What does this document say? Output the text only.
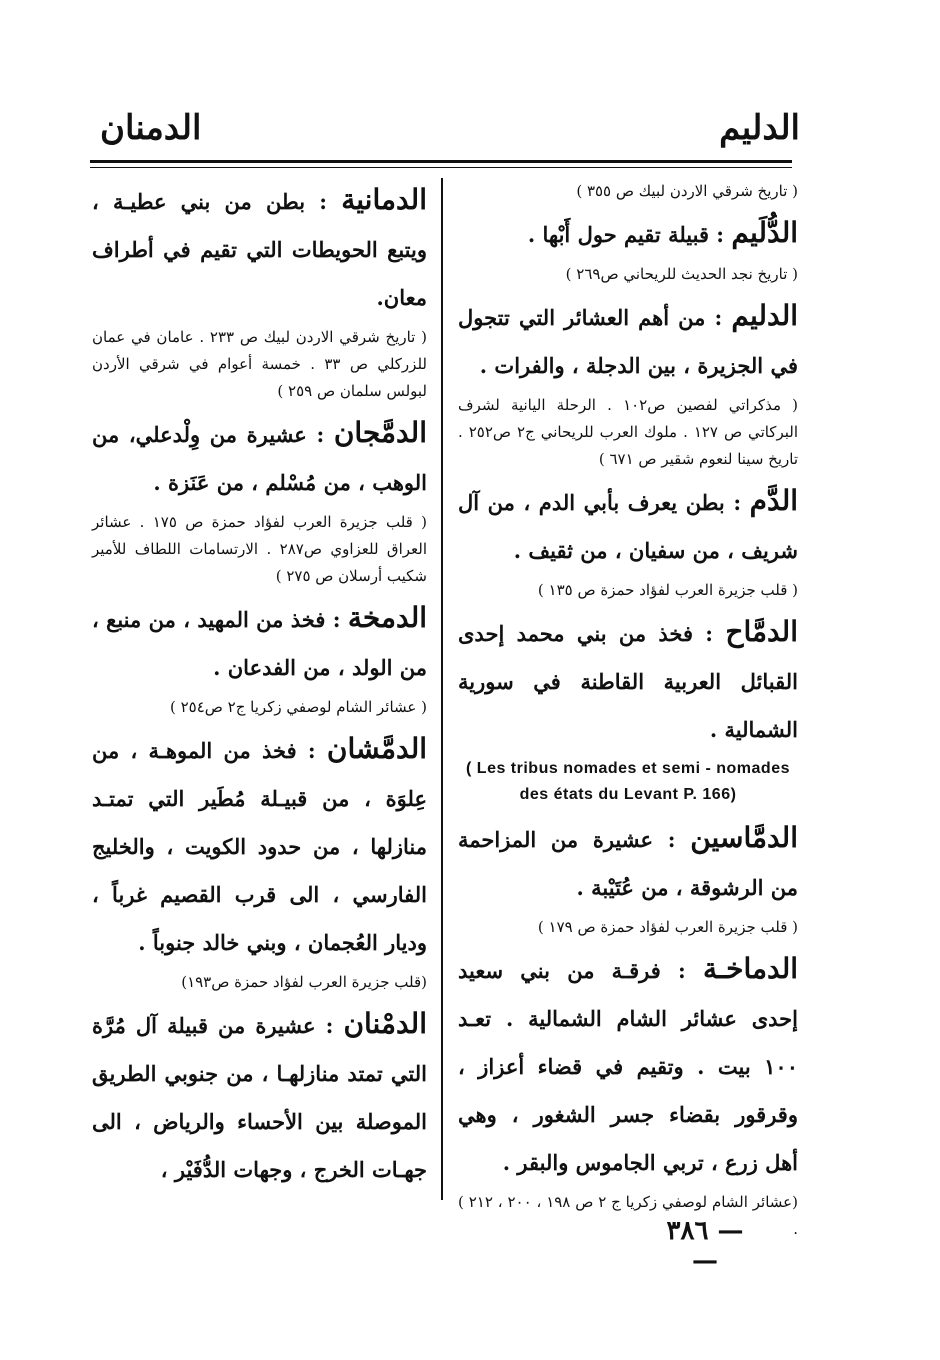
الدليم
الدمنان

( تاريخ شرقي الاردن لبيك ص ٣٥٥ )

الدُّلَيم : قبيلة تقيم حول أَبْها .

( تاريخ نجد الحديث للريحاني ص٢٦٩ )

الدليم : من أهم العشائر التي تتجول في الجزيرة ، بين الدجلة ، والفرات .

( مذكراتي لفصين ص١٠٢ . الرحلة اليانية لشرف البركاتي ص ١٢٧ . ملوك العرب للريحاني ج٢ ص٢٥٢ . تاريخ سينا لنعوم شقير ص ٦٧١ )

الدَّم : بطن يعرف بأبي الدم ، من آل شريف ، من سفيان ، من ثقيف .

( قلب جزيرة العرب لفؤاد حمزة ص ١٣٥ )

الدمَّاح : فخذ من بني محمد إحدى القبائل العربية القاطنة في سورية الشمالية .

( Les tribus nomades et semi - nomades des états du Levant P. 166)

الدمَّاسين : عشيرة من المزاحمة من الرشوقة ، من عُتَيْبة .

( قلب جزيرة العرب لفؤاد حمزة ص ١٧٩ )

الدماخـة : فرقـة من بني سعيد إحدى عشائر الشام الشمالية . تعـد ١٠٠ بيت . وتقيم في قضاء أعزاز ، وقرقور بقضاء جسر الشغور ، وهي أهل زرع ، تربي الجاموس والبقر .

(عشائر الشام لوصفي زكريا ج ٢ ص ١٩٨ ، ٢٠٠ ، ٢١٢ ) .

الدمانية : بطن من بني عطيـة ، ويتبع الحويطات التي تقيم في أطراف معان.

( تاريخ شرقي الاردن لبيك ص ٢٣٣ . عامان في عمان للزركلي ص ٣٣ . خمسة أعوام في شرقي الأردن لبولس سلمان ص ٢٥٩ )

الدمَّجان : عشيرة من وِلْدعلي، من الوهب ، من مُسْلم ، من عَنَزة .

( قلب جزيرة العرب لفؤاد حمزة ص ١٧٥ . عشائر العراق للعزاوي ص٢٨٧ . الارتسامات اللطاف للأمير شكيب أرسلان ص ٢٧٥ )

الدمخة : فخذ من المهيد ، من منبع ، من الولد ، من الفدعان .

( عشائر الشام لوصفي زكريا ج٢ ص٢٥٤ )

الدمَّشان : فخذ من الموهـة ، من عِلوَة ، من قبيـلة مُطَير التي تمتـد منازلها ، من حدود الكويت ، والخليج الفارسي ، الى قرب القصيم غرباً ، وديار العُجمان ، وبني خالد جنوباً .

(قلب جزيرة العرب لفؤاد حمزة ص١٩٣)

الدمْنان : عشيرة من قبيلة آل مُرَّة التي تمتد منازلهـا ، من جنوبي الطريق الموصلة بين الأحساء والرياض ، الى جهـات الخرج ، وجهات الدُّفَيْر ،

— ٣٨٦ —
